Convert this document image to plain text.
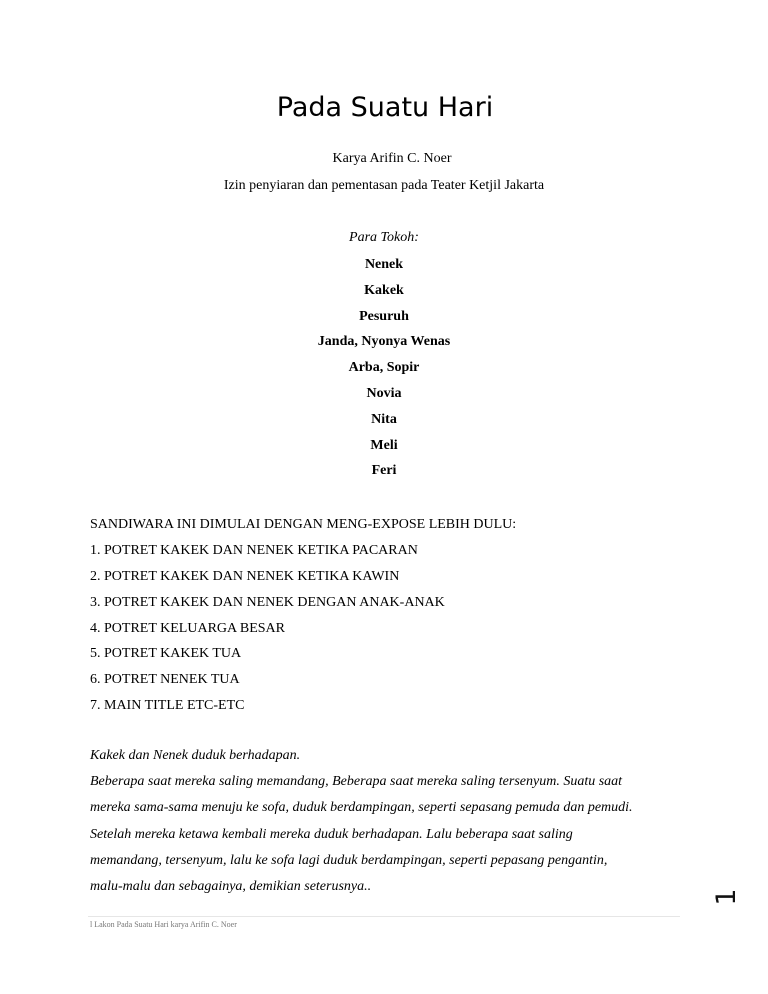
Pada Suatu Hari
Karya Arifin C. Noer
Izin penyiaran dan pementasan pada Teater Ketjil Jakarta
Para Tokoh:
Nenek
Kakek
Pesuruh
Janda, Nyonya Wenas
Arba, Sopir
Novia
Nita
Meli
Feri
SANDIWARA INI DIMULAI DENGAN MENG-EXPOSE LEBIH DULU:
1. POTRET KAKEK DAN NENEK KETIKA PACARAN
2. POTRET KAKEK DAN NENEK KETIKA KAWIN
3. POTRET KAKEK DAN NENEK DENGAN ANAK-ANAK
4. POTRET KELUARGA BESAR
5. POTRET KAKEK TUA
6. POTRET NENEK TUA
7. MAIN TITLE ETC-ETC
Kakek dan Nenek duduk berhadapan.
Beberapa saat mereka saling memandang, Beberapa saat mereka saling tersenyum. Suatu saat
mereka sama-sama menuju ke sofa, duduk berdampingan, seperti sepasang pemuda dan pemudi.
Setelah mereka ketawa kembali mereka duduk berhadapan. Lalu beberapa saat saling
memandang, tersenyum, lalu ke sofa lagi duduk berdampingan, seperti pepasang pengantin,
malu-malu dan sebagainya, demikian seterusnya..
l Lakon Pada Suatu Hari karya Arifin C. Noer
1
